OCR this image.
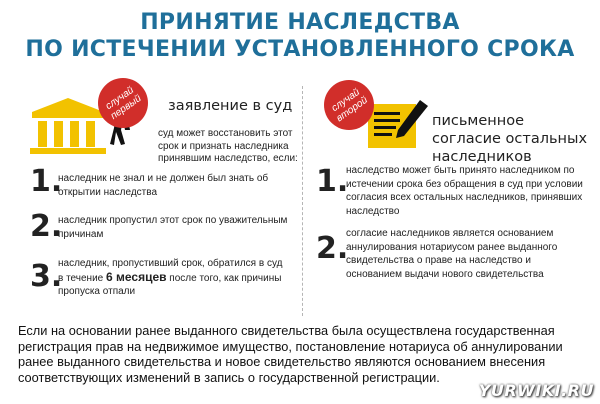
ПРИНЯТИЕ НАСЛЕДСТВА
ПО ИСТЕЧЕНИИ УСТАНОВЛЕННОГО СРОКА
случай первый	заявление в суд
суд может восстановить этот срок и признать наследника принявшим наследство, если:
1.
наследник не знал и не должен был знать об открытии наследства
2.
наследник пропустил этот срок по уважительным причинам
3.
наследник, пропустивший срок, обратился в суд в течение 6 месяцев после того, как причины пропуска отпали
случай второй	письменное согласие остальных наследников
1.
наследство может быть принято наследником по истечении срока без обращения в суд при условии согласия всех остальных наследников, принявших наследство
2.
согласие наследников является основанием аннулирования нотариусом ранее выданного свидетельства о праве на наследство и основанием выдачи нового свидетельства
Если на основании ранее выданного свидетельства была осуществлена государственная регистрация прав на недвижимое имущество, постановление нотариуса об аннулировании ранее выданного свидетельства и новое свидетельство являются основанием внесения соответствующих изменений в запись о государственной регистрации.
YURWIKI.RU
